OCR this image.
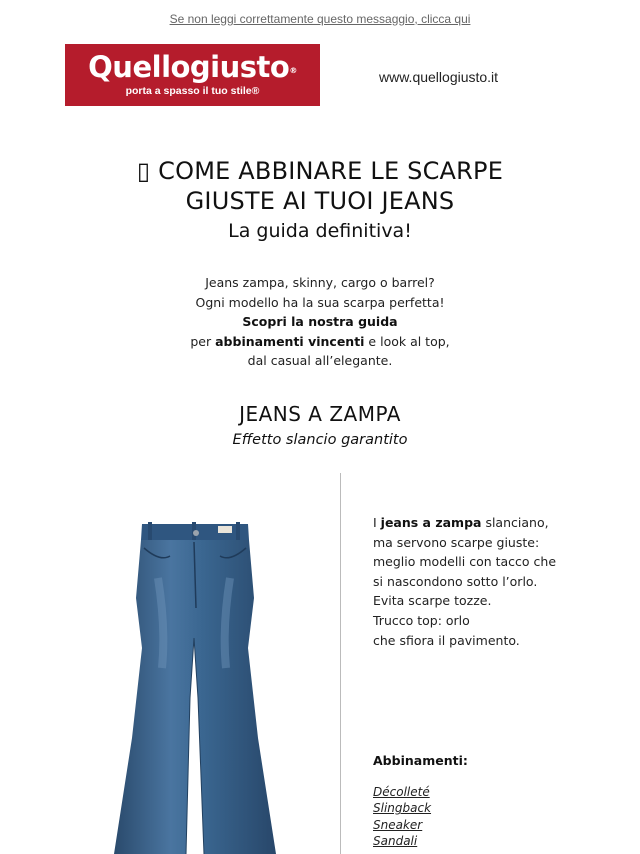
Se non leggi correttamente questo messaggio, clicca qui
Quellogiusto®
porta a spasso il tuo stile®
www.quellogiusto.it
▯ COME ABBINARE LE SCARPE
GIUSTE AI TUOI JEANS
La guida definitiva!
Jeans zampa, skinny, cargo o barrel?
Ogni modello ha la sua scarpa perfetta!
Scopri la nostra guida
per abbinamenti vincenti e look al top,
dal casual all’elegante.
JEANS A ZAMPA
Effetto slancio garantito
I jeans a zampa slanciano,
ma servono scarpe giuste:
meglio modelli con tacco che
si nascondono sotto l’orlo.
Evita scarpe tozze.
Trucco top: orlo
che sfiora il pavimento.
Abbinamenti:
Décolleté
Slingback
Sneaker
Sandali
